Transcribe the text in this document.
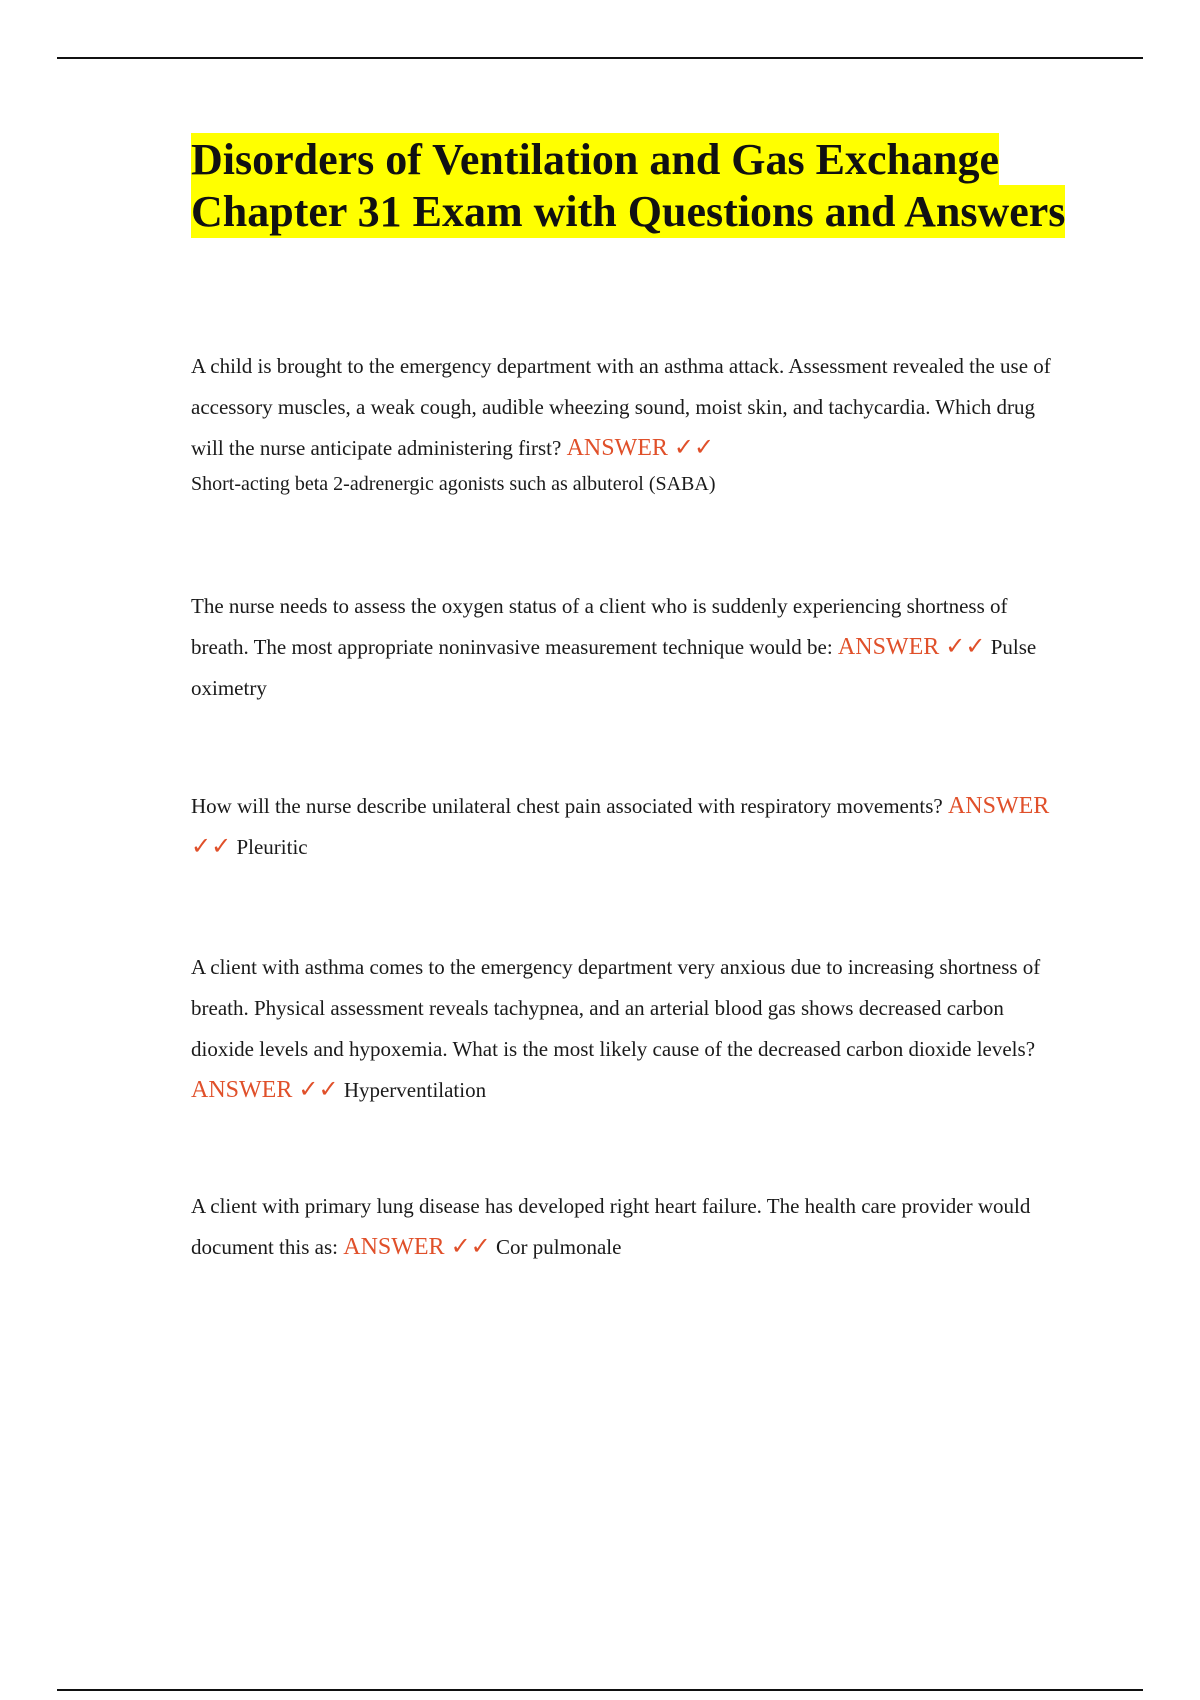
Disorders of Ventilation and Gas Exchange Chapter 31 Exam with Questions and Answers

A child is brought to the emergency department with an asthma attack. Assessment revealed the use of accessory muscles, a weak cough, audible wheezing sound, moist skin, and tachycardia. Which drug will the nurse anticipate administering first? ANSWER ✓✓
Short-acting beta 2-adrenergic agonists such as albuterol (SABA)

The nurse needs to assess the oxygen status of a client who is suddenly experiencing shortness of breath. The most appropriate noninvasive measurement technique would be: ANSWER ✓✓ Pulse oximetry

How will the nurse describe unilateral chest pain associated with respiratory movements? ANSWER ✓✓ Pleuritic

A client with asthma comes to the emergency department very anxious due to increasing shortness of breath. Physical assessment reveals tachypnea, and an arterial blood gas shows decreased carbon dioxide levels and hypoxemia. What is the most likely cause of the decreased carbon dioxide levels? ANSWER ✓✓ Hyperventilation

A client with primary lung disease has developed right heart failure. The health care provider would document this as: ANSWER ✓✓ Cor pulmonale
